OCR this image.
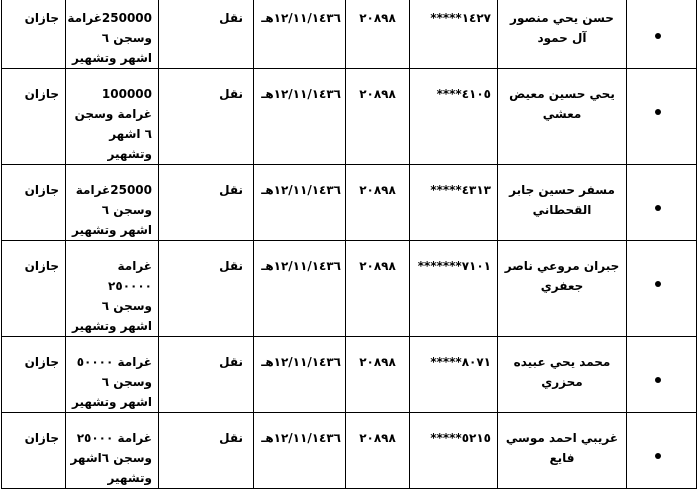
جازان	250000غرامة وسجن ٦ اشهر وتشهير	نقل	١٢/١١/١٤٣٦هـ	٢٠٨٩٨	١٤٢٧*****	حسن يحي منصور آل حمود	

جازان	100000 غرامة وسجن ٦ اشهر وتشهير	نقل	١٢/١١/١٤٣٦هـ	٢٠٨٩٨	٤١٠٥****	يحي حسين معيض معشي	

جازان	25000غرامة وسجن ٦ اشهر وتشهير	نقل	١٢/١١/١٤٣٦هـ	٢٠٨٩٨	٤٣١٣*****	مسفر حسين جابر القحطاني	

جازان	غرامة ٢٥٠٠٠٠ وسجن ٦ اشهر وتشهير	نقل	١٢/١١/١٤٣٦هـ	٢٠٨٩٨	٧١٠١*******	جبران مروعي ناصر جعفري	

جازان	غرامة ٥٠٠٠٠ وسجن ٦ اشهر وتشهير	نقل	١٢/١١/١٤٣٦هـ	٢٠٨٩٨	٨٠٧١*****	محمد يحي عبيده محزري	

جازان	غرامة ٢٥٠٠٠ وسجن ٦اشهر وتشهير	نقل	١٢/١١/١٤٣٦هـ	٢٠٨٩٨	٥٢١٥*****	غريبي احمد موسي فايع	
